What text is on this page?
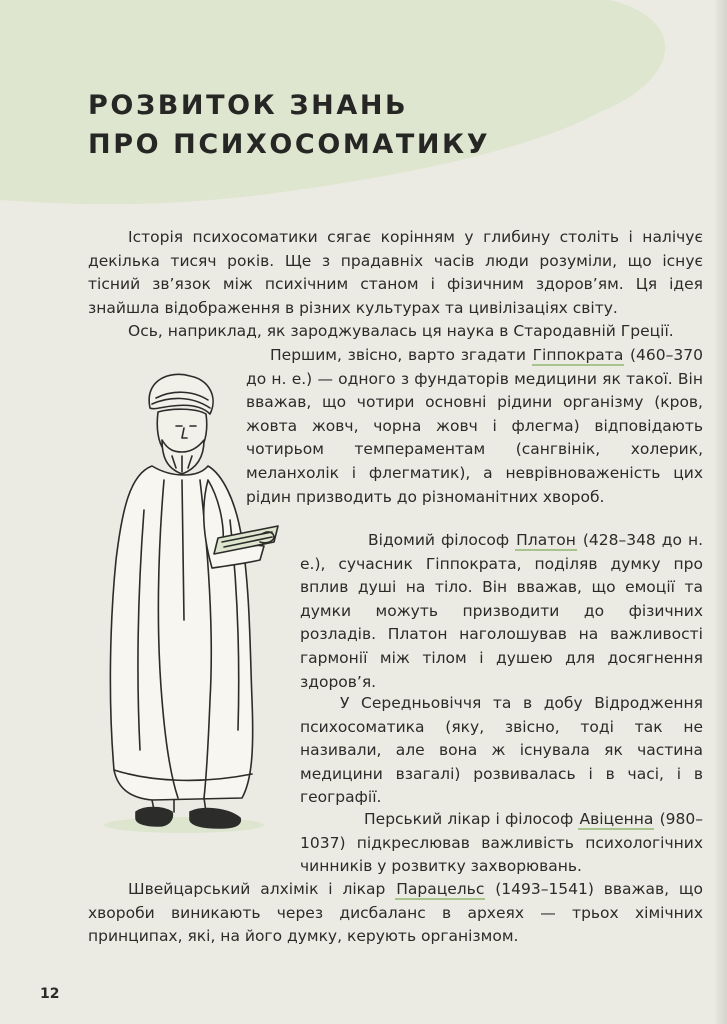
РОЗВИТОК ЗНАНЬ
ПРО ПСИХОСОМАТИКУ

Історія психосоматики сягає корінням у глибину століть і налічує декілька тисяч років. Ще з прадавніх часів люди розуміли, що існує тісний зв’язок між психічним станом і фізичним здоров’ям. Ця ідея знайшла відображення в різних культурах та цивілізаціях світу.

Ось, наприклад, як зароджувалась ця наука в Стародавній Греції.

Першим, звісно, варто згадати Гіппократа (460–370 до н. е.) — одного з фундаторів медицини як такої. Він вважав, що чотири основні рідини організму (кров, жовта жовч, чорна жовч і флегма) відповідають чотирьом темпераментам (сангвінік, холерик, меланхолік і флегматик), а неврівноваженість цих рідин призводить до різноманітних хвороб.

Відомий філософ Платон (428–348 до н. е.), сучасник Гіппократа, поділяв думку про вплив душі на тіло. Він вважав, що емоції та думки можуть призводити до фізичних розладів. Платон наголошував на важливості гармонії між тілом і душею для досягнення здоров’я.

У Середньовіччя та в добу Відродження психосоматика (яку, звісно, тоді так не називали, але вона ж існувала як частина медицини взагалі) розвивалась і в часі, і в географії.

Перський лікар і філософ Авіценна (980–1037) підкреслював важливість психологічних чинників у розвитку захворювань.

Швейцарський алхімік і лікар Парацельс (1493–1541) вважав, що хвороби виникають через дисбаланс в археях — трьох хімічних принципах, які, на його думку, керують організмом.

12
